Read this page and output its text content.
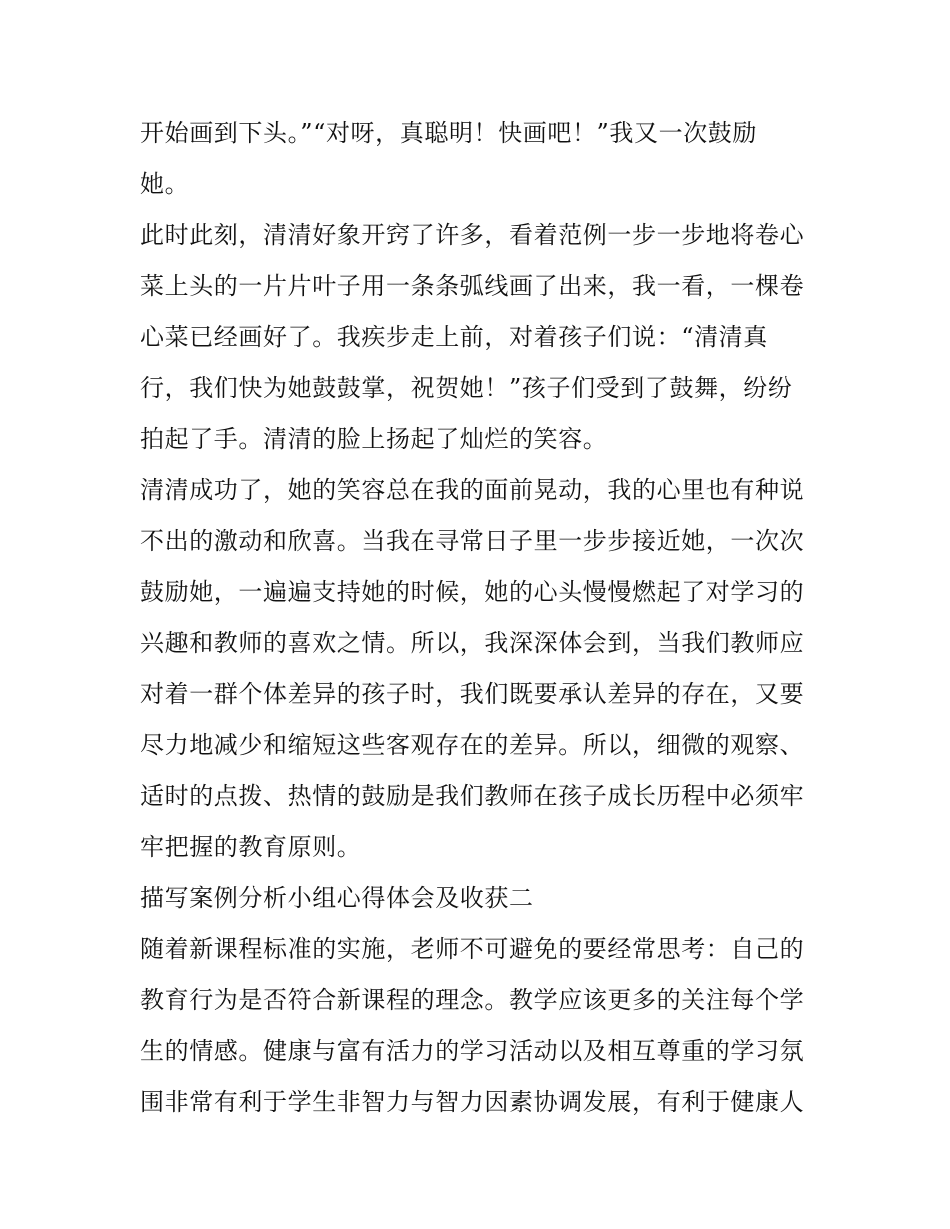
开始画到下头。”“对呀，真聪明！快画吧！”我又一次鼓励
她。
此时此刻，清清好象开窍了许多，看着范例一步一步地将卷心
菜上头的一片片叶子用一条条弧线画了出来，我一看，一棵卷
心菜已经画好了。我疾步走上前，对着孩子们说：“清清真
行，我们快为她鼓鼓掌，祝贺她！”孩子们受到了鼓舞，纷纷
拍起了手。清清的脸上扬起了灿烂的笑容。
清清成功了，她的笑容总在我的面前晃动，我的心里也有种说
不出的激动和欣喜。当我在寻常日子里一步步接近她，一次次
鼓励她，一遍遍支持她的时候，她的心头慢慢燃起了对学习的
兴趣和教师的喜欢之情。所以，我深深体会到，当我们教师应
对着一群个体差异的孩子时，我们既要承认差异的存在，又要
尽力地减少和缩短这些客观存在的差异。所以，细微的观察、
适时的点拨、热情的鼓励是我们教师在孩子成长历程中必须牢
牢把握的教育原则。
描写案例分析小组心得体会及收获二
随着新课程标准的实施，老师不可避免的要经常思考：自己的
教育行为是否符合新课程的理念。教学应该更多的关注每个学
生的情感。健康与富有活力的学习活动以及相互尊重的学习氛
围非常有利于学生非智力与智力因素协调发展，有利于健康人
